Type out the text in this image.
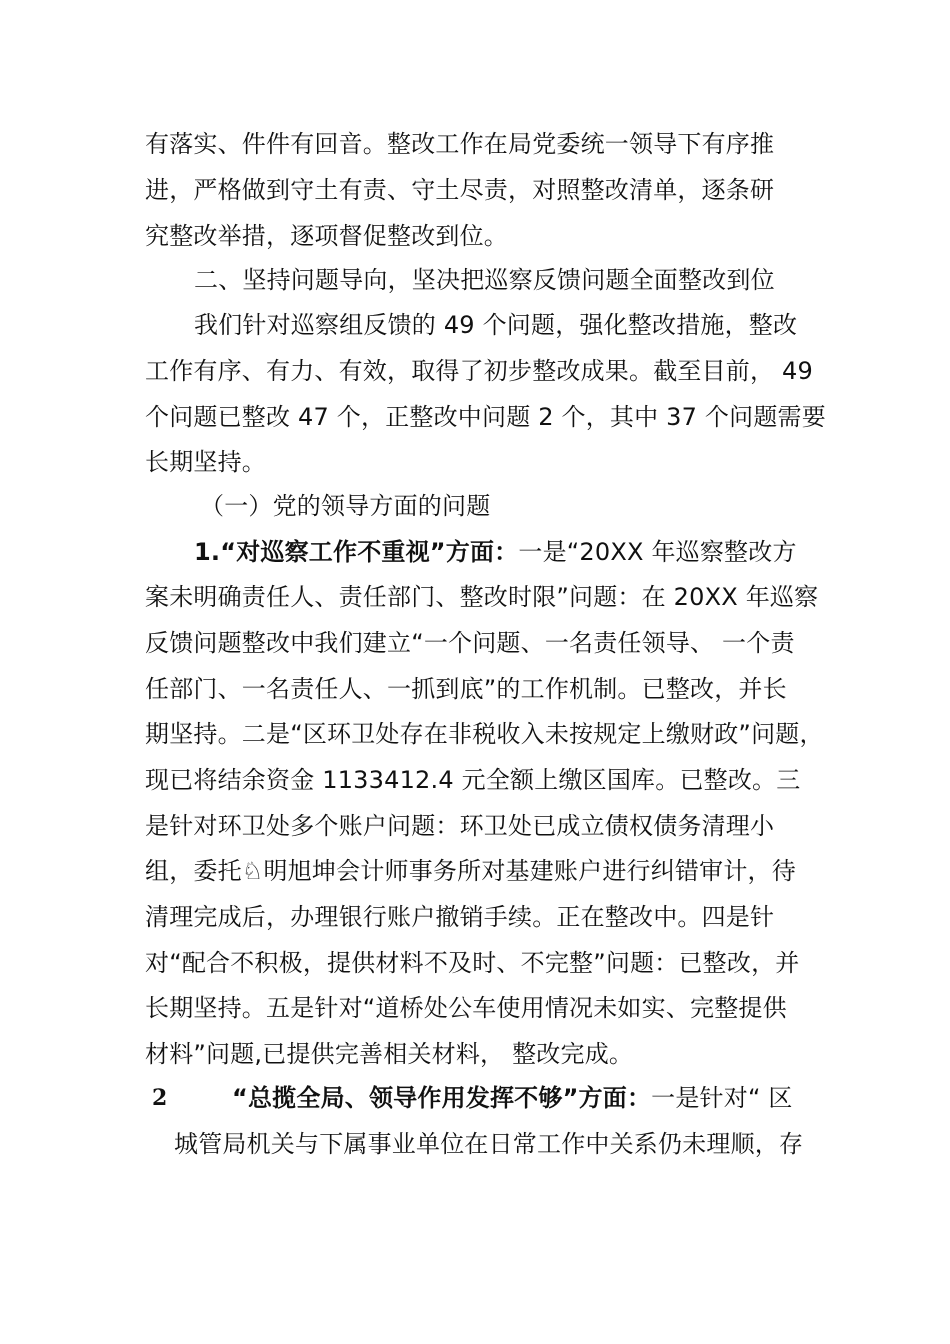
有落实、件件有回音。整改工作在局党委统一领导下有序推
进，严格做到守土有责、守土尽责，对照整改清单，逐条研
究整改举措，逐项督促整改到位。
二、坚持问题导向，坚决把巡察反馈问题全面整改到位
我们针对巡察组反馈的 49 个问题，强化整改措施，整改
工作有序、有力、有效，取得了初步整改成果。截至目前， 49
个问题已整改 47 个，正整改中问题 2 个，其中 37 个问题需要
长期坚持。
（一）党的领导方面的问题
1.“对巡察工作不重视”方面：一是“20XX 年巡察整改方
案未明确责任人、责任部门、整改时限”问题：在 20XX 年巡察
反馈问题整改中我们建立“一个问题、一名责任领导、 一个责
任部门、一名责任人、一抓到底”的工作机制。已整改，并长
期坚持。二是“区环卫处存在非税收入未按规定上缴财政”问题，
现已将结余资金 1133412.4 元全额上缴区国库。已整改。三
是针对环卫处多个账户问题：环卫处已成立债权债务清理小
组，委托♘明旭坤会计师事务所对基建账户进行纠错审计，待
清理完成后，办理银行账户撤销手续。正在整改中。四是针
对“配合不积极，提供材料不及时、不完整”问题：已整改，并
长期坚持。五是针对“道桥处公车使用情况未如实、完整提供
材料”问题,已提供完善相关材料， 整改完成。
2	“总揽全局、领导作用发挥不够”方面：一是针对“ 区
城管局机关与下属事业单位在日常工作中关系仍未理顺，存
